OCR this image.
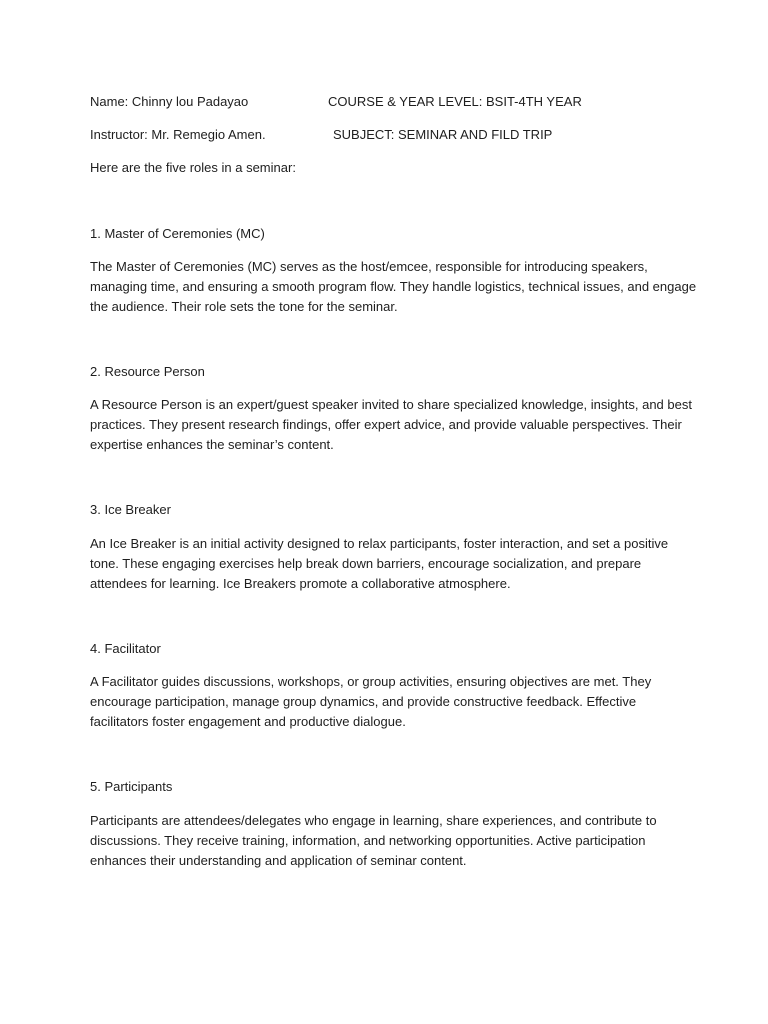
Name: Chinny lou Padayao	COURSE & YEAR LEVEL: BSIT-4TH YEAR
Instructor: Mr. Remegio Amen.	SUBJECT: SEMINAR AND FILD TRIP
Here are the five roles in a seminar:
1. Master of Ceremonies (MC)
The Master of Ceremonies (MC) serves as the host/emcee, responsible for introducing speakers,
managing time, and ensuring a smooth program flow. They handle logistics, technical issues, and engage
the audience. Their role sets the tone for the seminar.
2. Resource Person
A Resource Person is an expert/guest speaker invited to share specialized knowledge, insights, and best
practices. They present research findings, offer expert advice, and provide valuable perspectives. Their
expertise enhances the seminar’s content.
3. Ice Breaker
An Ice Breaker is an initial activity designed to relax participants, foster interaction, and set a positive
tone. These engaging exercises help break down barriers, encourage socialization, and prepare
attendees for learning. Ice Breakers promote a collaborative atmosphere.
4. Facilitator
A Facilitator guides discussions, workshops, or group activities, ensuring objectives are met. They
encourage participation, manage group dynamics, and provide constructive feedback. Effective
facilitators foster engagement and productive dialogue.
5. Participants
Participants are attendees/delegates who engage in learning, share experiences, and contribute to
discussions. They receive training, information, and networking opportunities. Active participation
enhances their understanding and application of seminar content.
